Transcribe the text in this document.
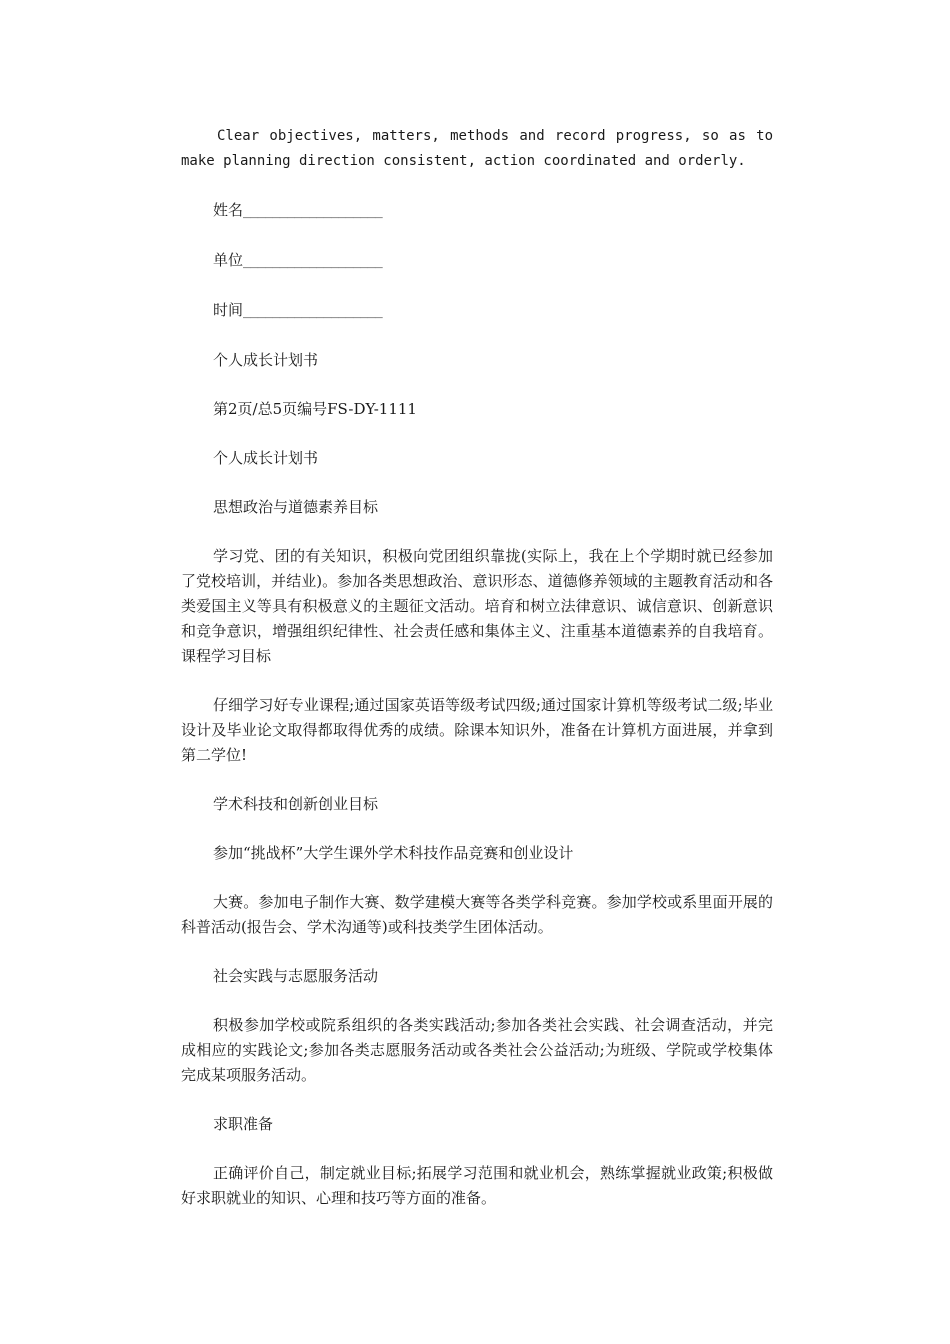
Clear objectives, matters, methods and record progress, so as to make planning direction consistent, action coordinated and orderly.

姓名 ___________________
单位 ___________________
时间 ___________________

个人成长计划书

第2页/总5页编号FS-DY-1111

个人成长计划书

思想政治与道德素养目标

学习党、团的有关知识，积极向党团组织靠拢(实际上，我在上个学期时就已经参加了党校培训，并结业)。参加各类思想政治、意识形态、道德修养领域的主题教育活动和各类爱国主义等具有积极意义的主题征文活动。培育和树立法律意识、诚信意识、创新意识和竞争意识，增强组织纪律性、社会责任感和集体主义、注重基本道德素养的自我培育。课程学习目标

仔细学习好专业课程;通过国家英语等级考试四级;通过国家计算机等级考试二级;毕业设计及毕业论文取得都取得优秀的成绩。除课本知识外，准备在计算机方面进展，并拿到第二学位!

学术科技和创新创业目标

参加“挑战杯”大学生课外学术科技作品竞赛和创业设计

大赛。参加电子制作大赛、数学建模大赛等各类学科竞赛。参加学校或系里面开展的科普活动(报告会、学术沟通等)或科技类学生团体活动。

社会实践与志愿服务活动

积极参加学校或院系组织的各类实践活动;参加各类社会实践、社会调查活动，并完成相应的实践论文;参加各类志愿服务活动或各类社会公益活动;为班级、学院或学校集体完成某项服务活动。

求职准备

正确评价自己，制定就业目标;拓展学习范围和就业机会，熟练掌握就业政策;积极做好求职就业的知识、心理和技巧等方面的准备。
